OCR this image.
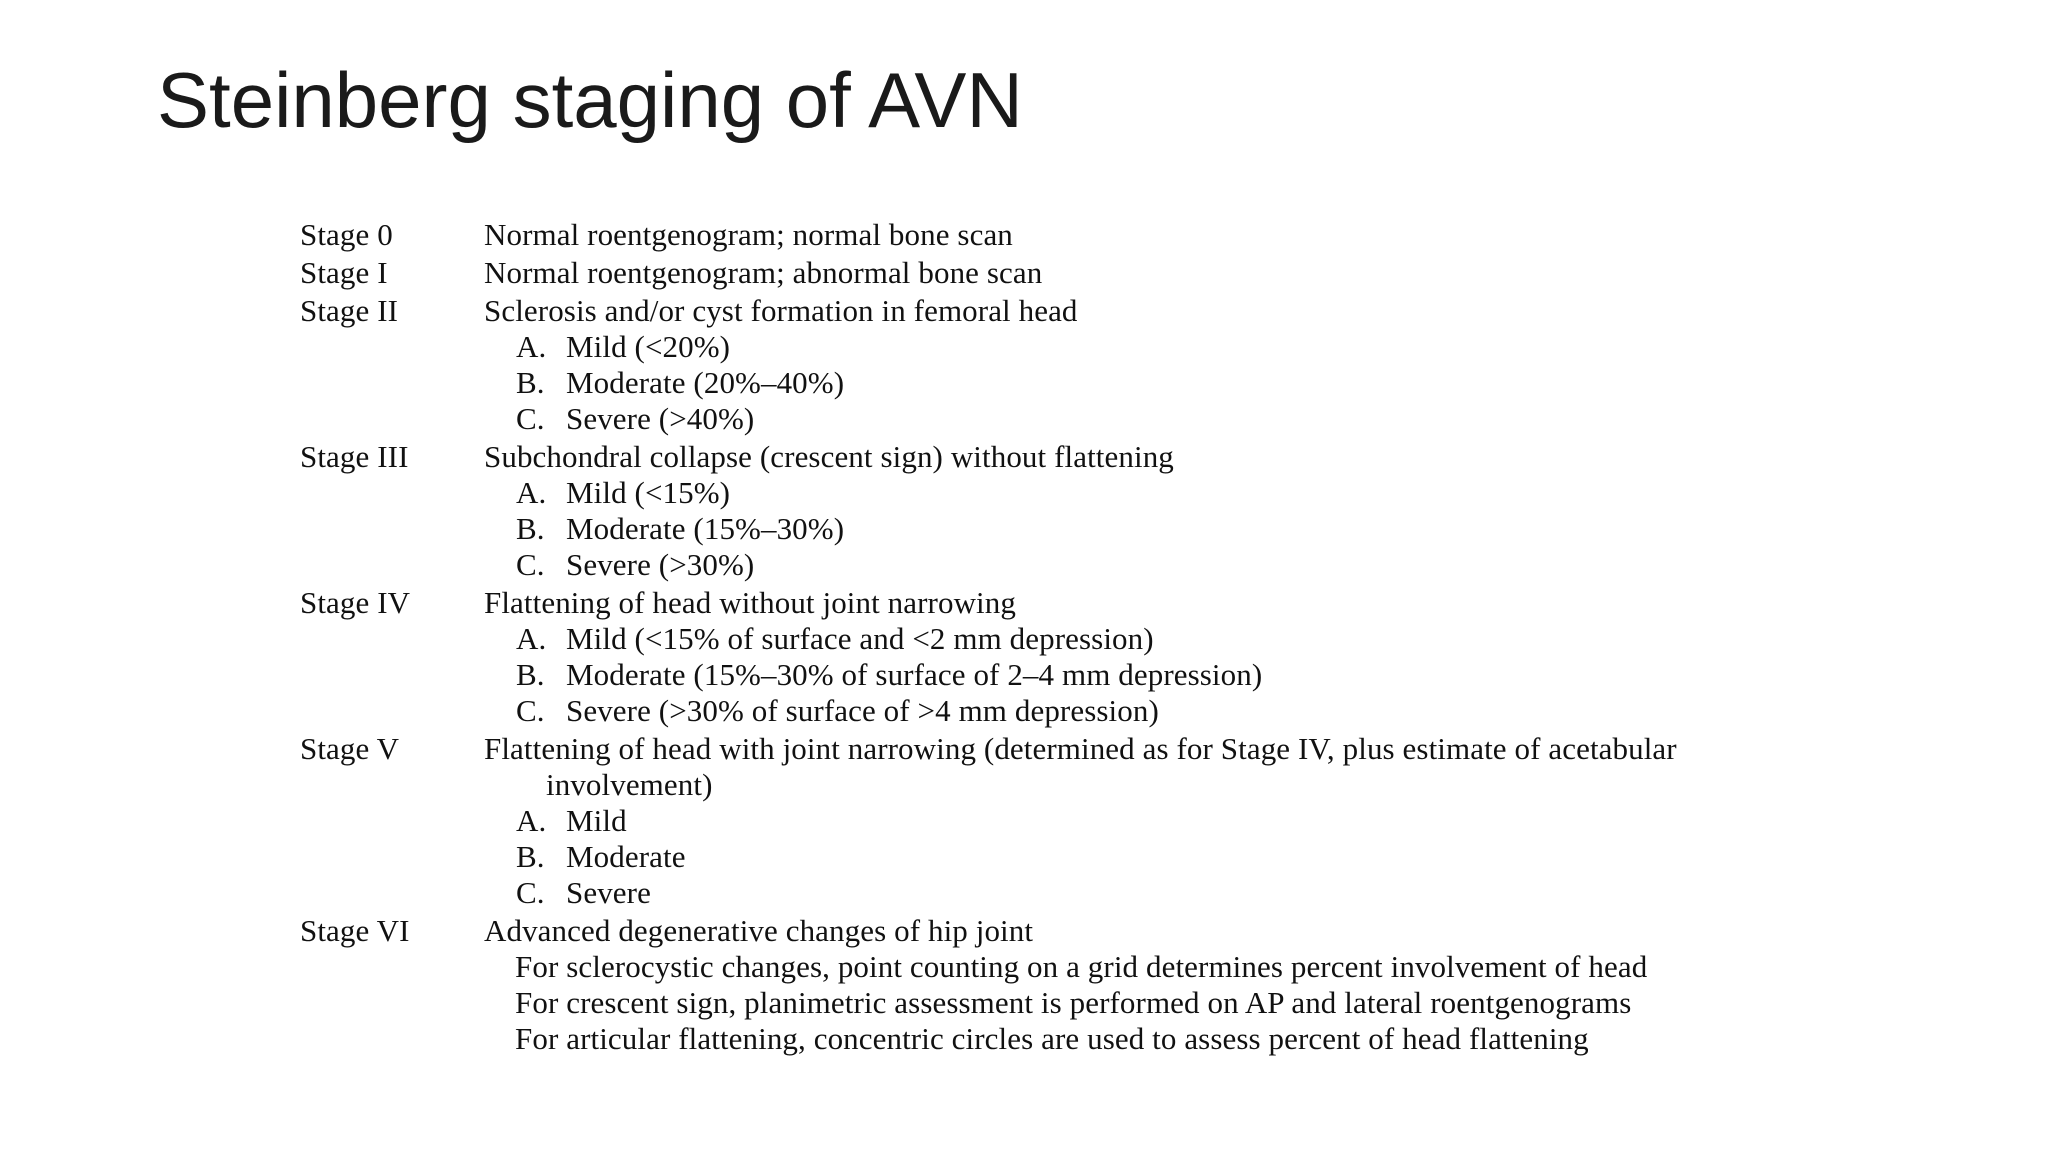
Steinberg staging of AVN
Stage 0	Normal roentgenogram; normal bone scan
Stage I	Normal roentgenogram; abnormal bone scan
Stage II	Sclerosis and/or cyst formation in femoral head
A. Mild (<20%)
B. Moderate (20%–40%)
C. Severe (>40%)
Stage III	Subchondral collapse (crescent sign) without flattening
A. Mild (<15%)
B. Moderate (15%–30%)
C. Severe (>30%)
Stage IV	Flattening of head without joint narrowing
A. Mild (<15% of surface and <2 mm depression)
B. Moderate (15%–30% of surface of 2–4 mm depression)
C. Severe (>30% of surface of >4 mm depression)
Stage V	Flattening of head with joint narrowing (determined as for Stage IV, plus estimate of acetabular involvement)
A. Mild
B. Moderate
C. Severe
Stage VI	Advanced degenerative changes of hip joint
For sclerocystic changes, point counting on a grid determines percent involvement of head
For crescent sign, planimetric assessment is performed on AP and lateral roentgenograms
For articular flattening, concentric circles are used to assess percent of head flattening
